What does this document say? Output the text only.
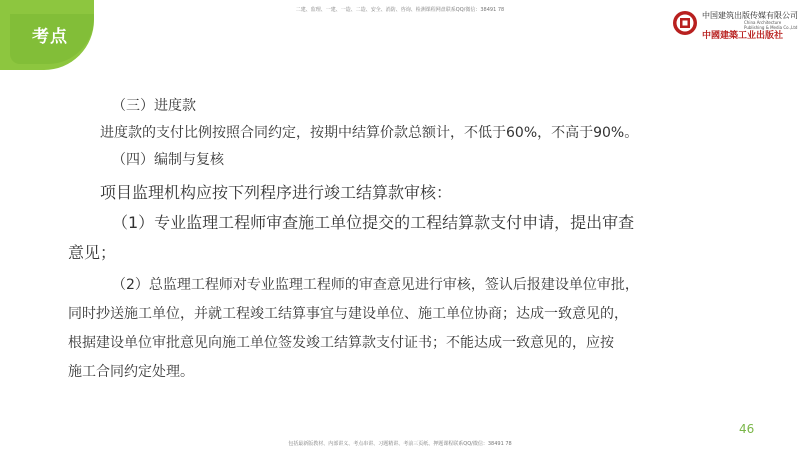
考点
二建、监理、一建、一造、二造、安全、消防、咨询、检测课程网盘联系QQ/微信：38491 78
中国建筑出版传媒有限公司
China Architecture Publishing & Media Co.,Ltd
中國建築工业出版社
（三）进度款
进度款的支付比例按照合同约定，按期中结算价款总额计，不低于60%，不高于90%。
（四）编制与复核
项目监理机构应按下列程序进行竣工结算款审核：
（1）专业监理工程师审查施工单位提交的工程结算款支付申请，提出审查
意见；
（2）总监理工程师对专业监理工程师的审查意见进行审核，签认后报建设单位审批，
同时抄送施工单位，并就工程竣工结算事宜与建设单位、施工单位协商；达成一致意见的，
根据建设单位审批意见向施工单位签发竣工结算款支付证书；不能达成一致意见的，应按
施工合同约定处理。
46
包括最新版教材、内部讲义、考点串讲、习题精讲、考前三页纸、押题课程联系QQ/微信：38491 78
